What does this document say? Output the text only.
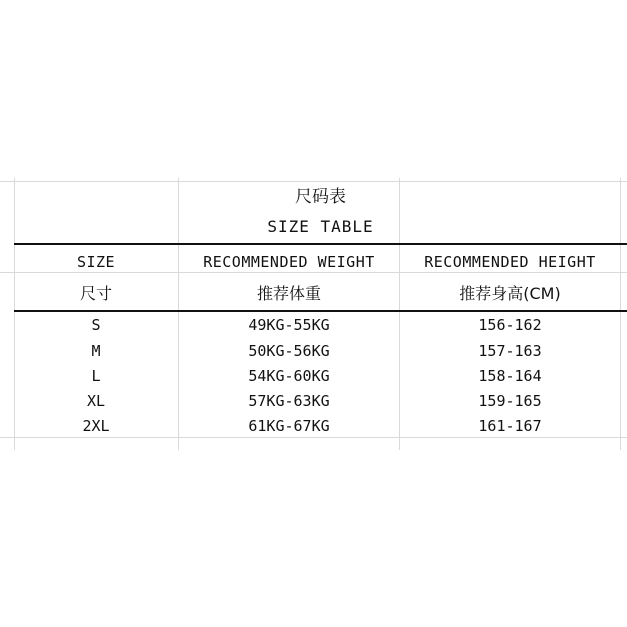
尺码表
SIZE TABLE
SIZE	RECOMMENDED WEIGHT	RECOMMENDED HEIGHT
尺寸	推荐体重	推荐身高(CM)
S	49KG-55KG	156-162
M	50KG-56KG	157-163
L	54KG-60KG	158-164
XL	57KG-63KG	159-165
2XL	61KG-67KG	161-167
